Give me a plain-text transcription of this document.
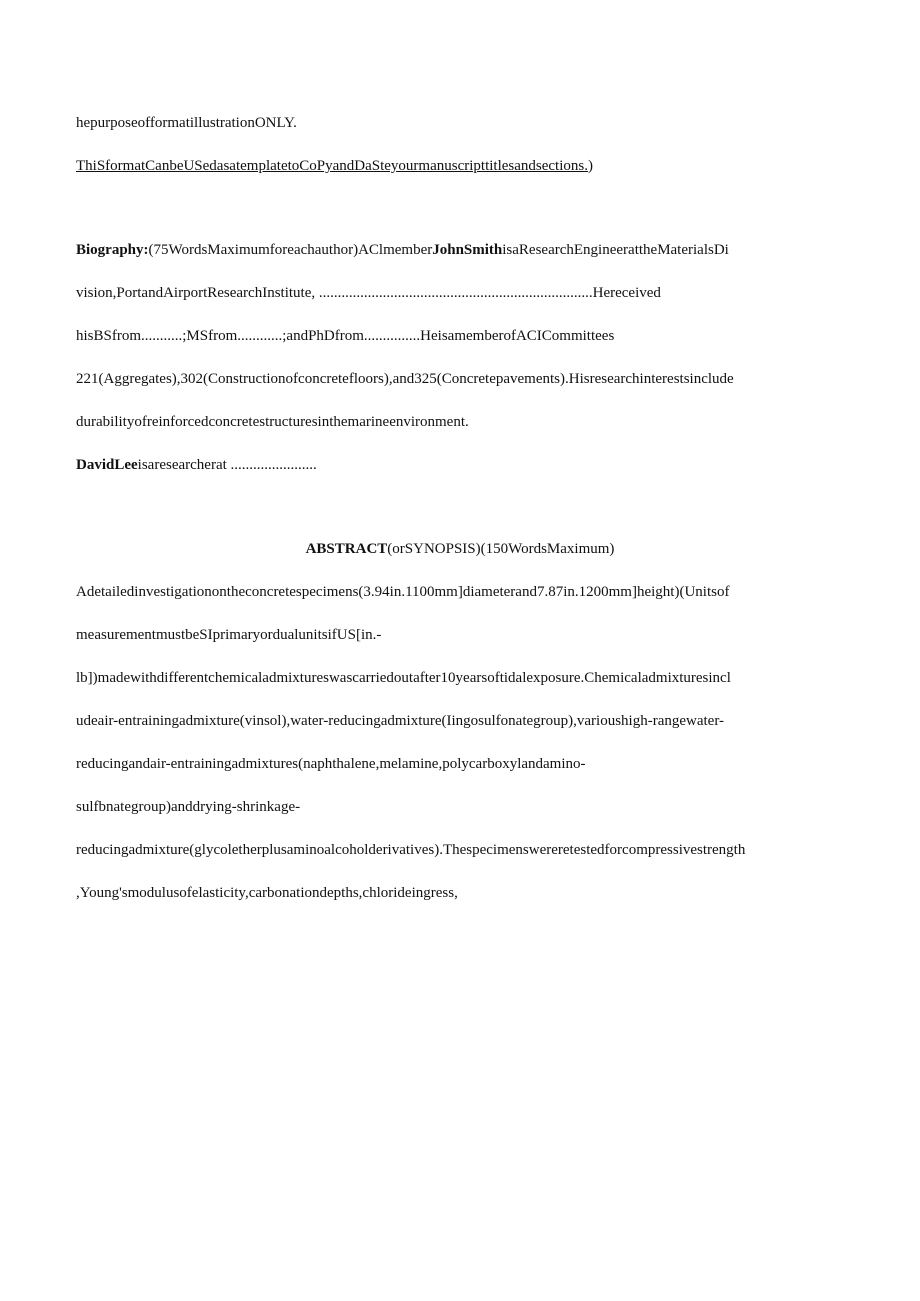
hepurposeofformatillustrationONLY.
ThiSformatCanbeUSedasatemplatetoCoPyandDaSteyourmanuscripttitlesandsections.)
Biography:(75WordsMaximumforeachauthor)AClmemberJohnSmithisaResearchEngineerattheMaterialsDi
vision,PortandAirportResearchInstitute, .........................................................................Hereceived
hisBSfrom...........;MSfrom............;andPhDfrom...............HeisamemberofACICommittees
221(Aggregates),302(Constructionofconcretefloors),and325(Concretepavements).Hisresearchinterestsinclude
durabilityofreinforcedconcretestructuresinthemarineenvironment.
DavidLeeisaresearcherat .......................
ABSTRACT(orSYNOPSIS)(150WordsMaximum)
Adetailedinvestigationontheconcretespecimens(3.94in.1100mm]diameterand7.87in.1200mm]height)(Unitsof
measurementmustbeSIprimaryordualunitsifUS[in.-
lb])madewithdifferentchemicaladmixtureswascarriedoutafter10yearsoftidalexposure.Chemicaladmixturesincl
udeair-entrainingadmixture(vinsol),water-reducingadmixture(Iingosulfonategroup),varioushigh-rangewater-
reducingandair-entrainingadmixtures(naphthalene,melamine,polycarboxylandamino-
sulfbnategroup)anddrying-shrinkage-
reducingadmixture(glycoletherplusaminoalcoholderivatives).Thespecimenswereretestedforcompressivestrength
,Young'smodulusofelasticity,carbonationdepths,chlorideingress,
